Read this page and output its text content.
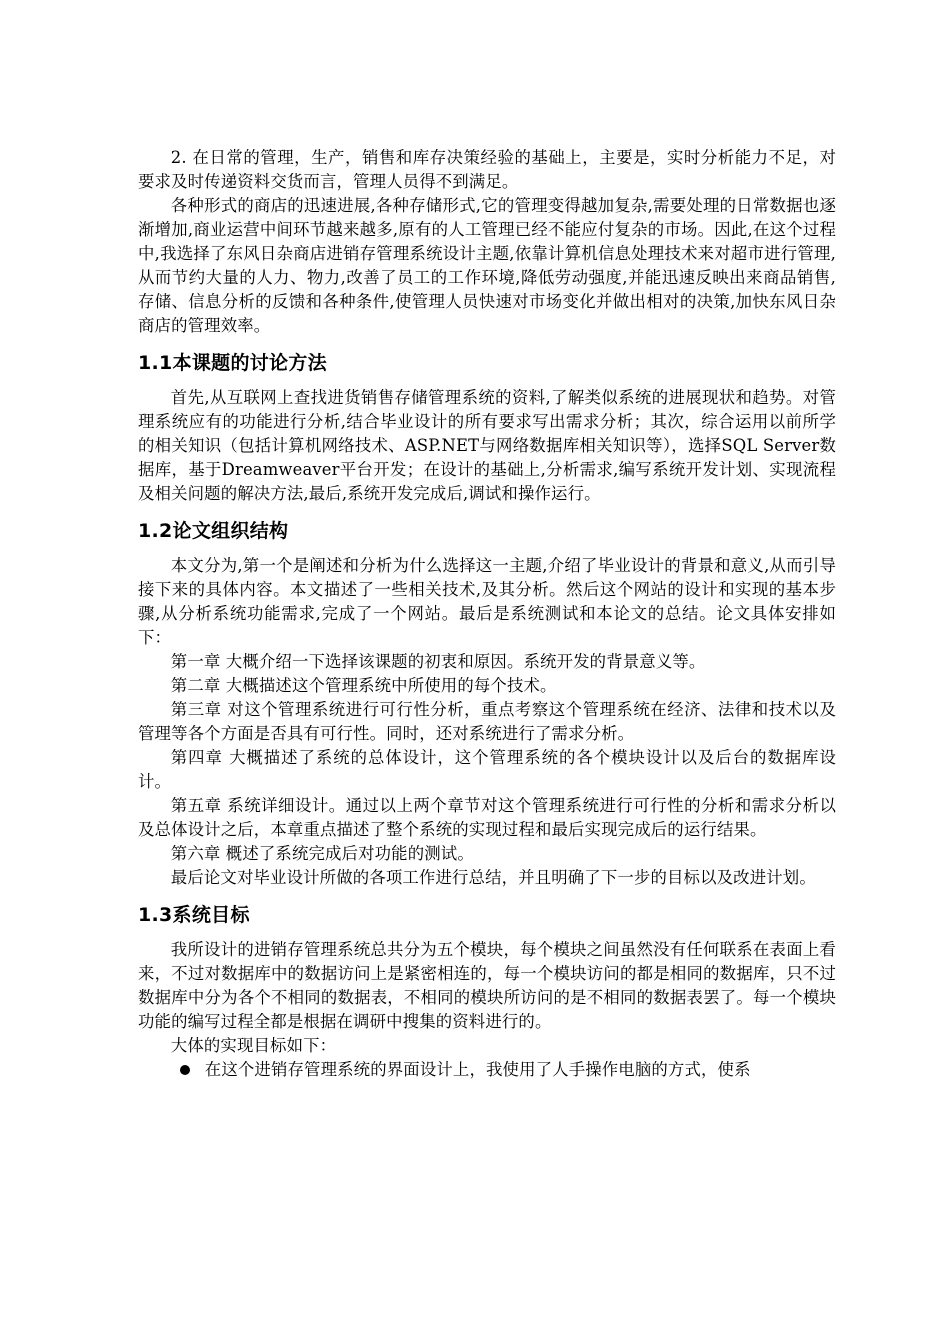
2. 在日常的管理，生产，销售和库存决策经验的基础上，主要是，实时分析能力不足，对要求及时传递资料交货而言，管理人员得不到满足。

各种形式的商店的迅速进展,各种存储形式,它的管理变得越加复杂,需要处理的日常数据也逐渐增加,商业运营中间环节越来越多,原有的人工管理已经不能应付复杂的市场。因此,在这个过程中,我选择了东风日杂商店进销存管理系统设计主题,依靠计算机信息处理技术来对超市进行管理,从而节约大量的人力、物力,改善了员工的工作环境,降低劳动强度,并能迅速反映出来商品销售,存储、信息分析的反馈和各种条件,使管理人员快速对市场变化并做出相对的决策,加快东风日杂商店的管理效率。

1.1本课题的讨论方法

首先,从互联网上查找进货销售存储管理系统的资料,了解类似系统的进展现状和趋势。对管理系统应有的功能进行分析,结合毕业设计的所有要求写出需求分析；其次，综合运用以前所学的相关知识（包括计算机网络技术、ASP.NET与网络数据库相关知识等），选择SQL Server数据库，基于Dreamweaver平台开发；在设计的基础上,分析需求,编写系统开发计划、实现流程及相关问题的解决方法,最后,系统开发完成后,调试和操作运行。

1.2论文组织结构

本文分为,第一个是阐述和分析为什么选择这一主题,介绍了毕业设计的背景和意义,从而引导接下来的具体内容。本文描述了一些相关技术,及其分析。然后这个网站的设计和实现的基本步骤,从分析系统功能需求,完成了一个网站。最后是系统测试和本论文的总结。论文具体安排如下：

第一章 大概介绍一下选择该课题的初衷和原因。系统开发的背景意义等。

第二章 大概描述这个管理系统中所使用的每个技术。

第三章 对这个管理系统进行可行性分析，重点考察这个管理系统在经济、法律和技术以及管理等各个方面是否具有可行性。同时，还对系统进行了需求分析。

第四章 大概描述了系统的总体设计，这个管理系统的各个模块设计以及后台的数据库设计。

第五章 系统详细设计。通过以上两个章节对这个管理系统进行可行性的分析和需求分析以及总体设计之后，本章重点描述了整个系统的实现过程和最后实现完成后的运行结果。

第六章 概述了系统完成后对功能的测试。

最后论文对毕业设计所做的各项工作进行总结，并且明确了下一步的目标以及改进计划。

1.3系统目标

我所设计的进销存管理系统总共分为五个模块，每个模块之间虽然没有任何联系在表面上看来，不过对数据库中的数据访问上是紧密相连的，每一个模块访问的都是相同的数据库，只不过数据库中分为各个不相同的数据表，不相同的模块所访问的是不相同的数据表罢了。每一个模块功能的编写过程全都是根据在调研中搜集的资料进行的。

大体的实现目标如下：

在这个进销存管理系统的界面设计上，我使用了人手操作电脑的方式，使系
